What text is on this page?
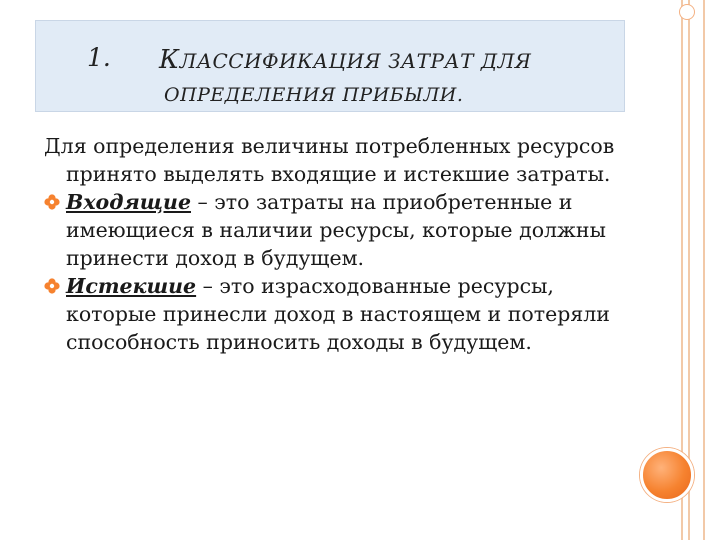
1. КЛАССИФИКАЦИЯ ЗАТРАТ ДЛЯ
ОПРЕДЕЛЕНИЯ ПРИБЫЛИ.

Для определения величины потребленных ресурсов принято выделять входящие и истекшие затраты.

Входящие – это затраты на приобретенные и имеющиеся в наличии ресурсы, которые должны принести доход в будущем.

Истекшие – это израсходованные ресурсы, которые принесли доход в настоящем и потеряли способность приносить доходы в будущем.
